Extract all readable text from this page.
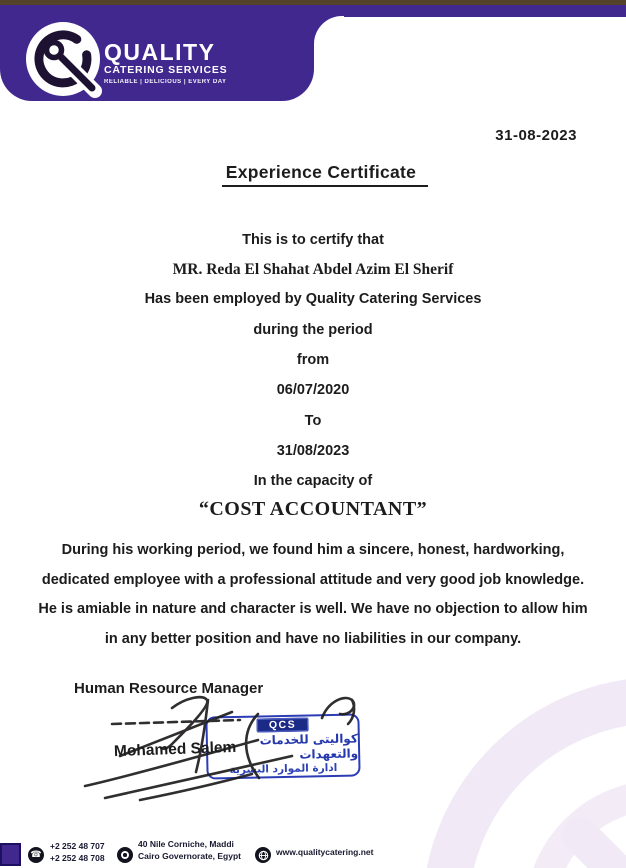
QUALITY
CATERING SERVICES
RELIABLE | DELICIOUS | EVERY DAY
31-08-2023
Experience Certificate
This is to certify that
MR. Reda El Shahat Abdel Azim El Sherif
Has been employed by Quality Catering Services
during the period
from
06/07/2020
To
31/08/2023
In the capacity of
“COST ACCOUNTANT”
During his working period, we found him a sincere, honest, hardworking, dedicated employee with a professional attitude and very good job knowledge. He is amiable in nature and character is well. We have no objection to allow him in any better position and have no liabilities in our company.
Human Resource Manager
QCS
كواليتى للخدمات والتعهدات
ادارة الموارد البشرية
Mohamed Salem
☎
+2 252 48 707
+2 252 48 708
40 Nile Corniche, Maddi
Cairo Governorate, Egypt	www.qualitycatering.net
